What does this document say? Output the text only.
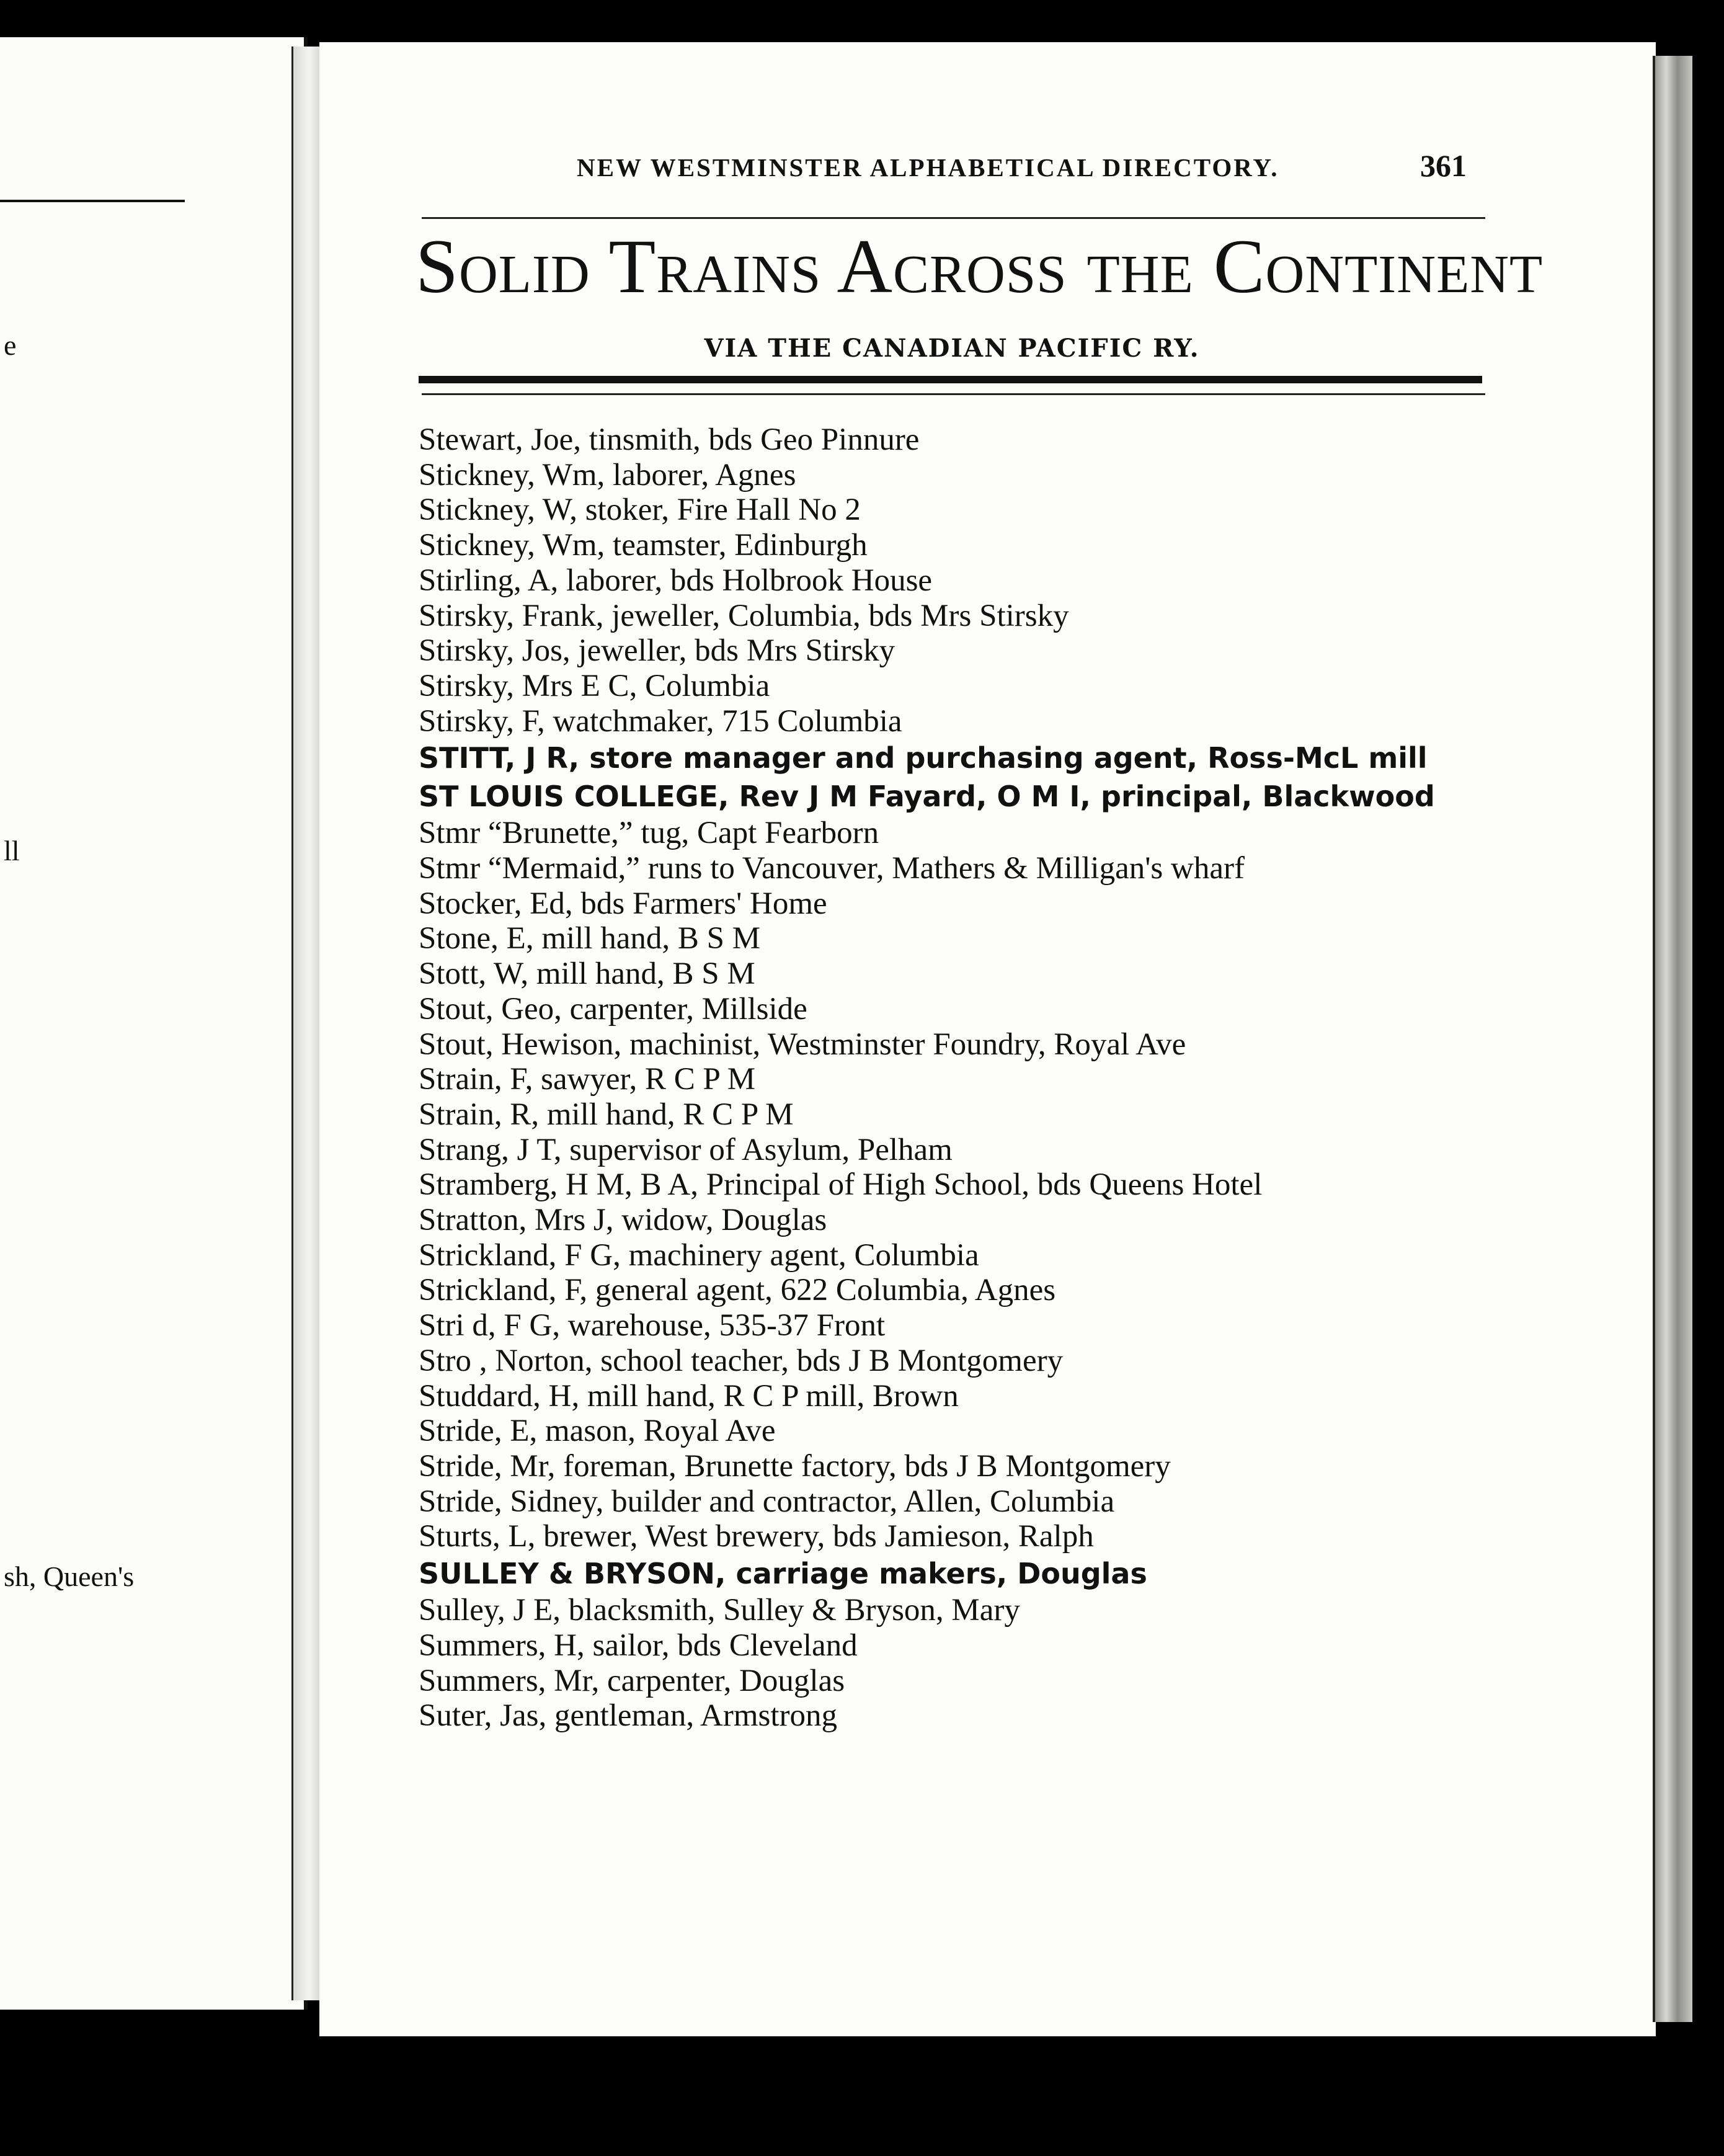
e
ll
sh, Queen's
NEW WESTMINSTER ALPHABETICAL DIRECTORY.	361
Solid Trains Across the Continent
VIA THE CANADIAN PACIFIC RY.
Stewart, Joe, tinsmith, bds Geo Pinnure
Stickney, Wm, laborer, Agnes
Stickney, W, stoker, Fire Hall No 2
Stickney, Wm, teamster, Edinburgh
Stirling, A, laborer, bds Holbrook House
Stirsky, Frank, jeweller, Columbia, bds Mrs Stirsky
Stirsky, Jos, jeweller, bds Mrs Stirsky
Stirsky, Mrs E C, Columbia
Stirsky, F, watchmaker, 715 Columbia
STITT, J R, store manager and purchasing agent, Ross-McL mill
ST LOUIS COLLEGE, Rev J M Fayard, O M I, principal, Blackwood
Stmr “Brunette,” tug, Capt Fearborn
Stmr “Mermaid,” runs to Vancouver, Mathers & Milligan's wharf
Stocker, Ed, bds Farmers' Home
Stone, E, mill hand, B S M
Stott, W, mill hand, B S M
Stout, Geo, carpenter, Millside
Stout, Hewison, machinist, Westminster Foundry, Royal Ave
Strain, F, sawyer, R C P M
Strain, R, mill hand, R C P M
Strang, J T, supervisor of Asylum, Pelham
Stramberg, H M, B A, Principal of High School, bds Queens Hotel
Stratton, Mrs J, widow, Douglas
Strickland, F G, machinery agent, Columbia
Strickland, F, general agent, 622 Columbia, Agnes
Stri d, F G, warehouse, 535-37 Front
Stro , Norton, school teacher, bds J B Montgomery
Studdard, H, mill hand, R C P mill, Brown
Stride, E, mason, Royal Ave
Stride, Mr, foreman, Brunette factory, bds J B Montgomery
Stride, Sidney, builder and contractor, Allen, Columbia
Sturts, L, brewer, West brewery, bds Jamieson, Ralph
SULLEY & BRYSON, carriage makers, Douglas
Sulley, J E, blacksmith, Sulley & Bryson, Mary
Summers, H, sailor, bds Cleveland
Summers, Mr, carpenter, Douglas
Suter, Jas, gentleman, Armstrong
